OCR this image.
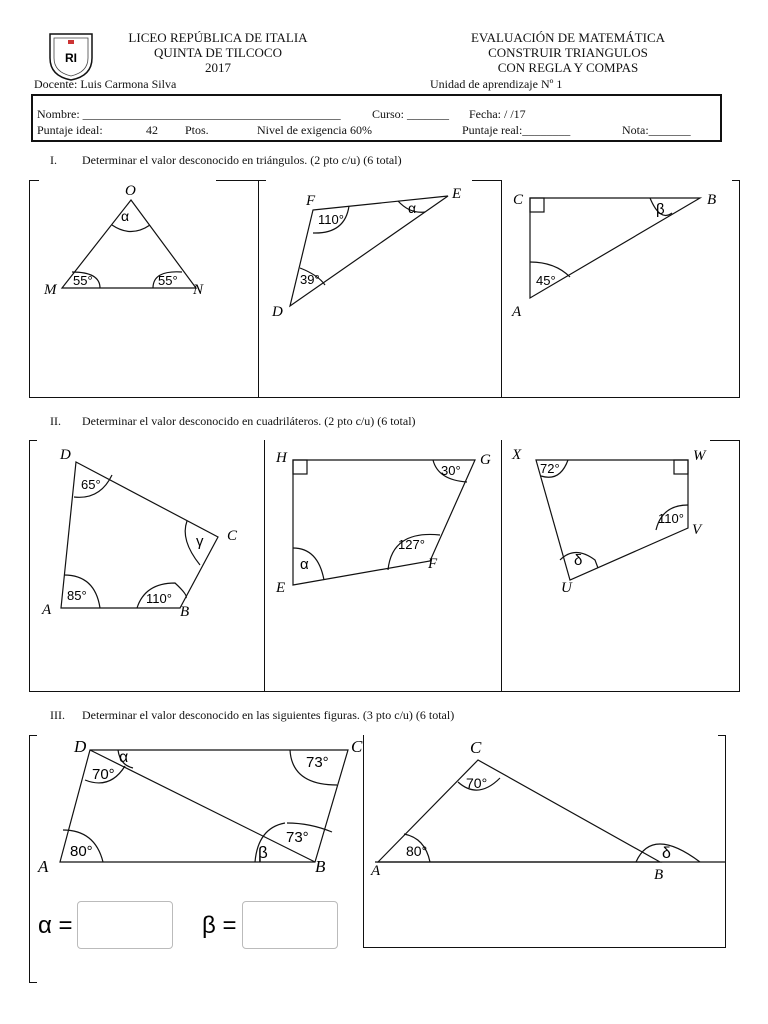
RI
LICEO REPÚBLICA DE ITALIA
QUINTA DE TILCOCO
2017
EVALUACIÓN DE MATEMÁTICA
CONSTRUIR TRIANGULOS
CON REGLA Y COMPAS
Docente: Luis Carmona Silva	Unidad de aprendizaje Nº 1
Nombre: ___________________________________________	Curso: _______ Fecha: / /17
Puntaje ideal:	42 Ptos.	Nivel de exigencia 60%	Puntaje real:________	Nota:_______
I. Determinar el valor desconocido en triángulos. (2 pto c/u) (6 total)
II. Determinar el valor desconocido en cuadriláteros. (2 pto c/u) (6 total)
III. Determinar el valor desconocido en las siguientes figuras. (3 pto c/u) (6 total)
O
M	N
α
55°	55°
F	E
D
110°
α
39°
C	B
A
β
45°
D
C
A	B
65°
γ
85°	110°
H	G
E
F
30°
α
127°
X	W
V
U
72°
110°
δ
D	C
A	B
α
70°
73°
80°
73°
β
C
A	B
70°
80°	δ
α =	β =
